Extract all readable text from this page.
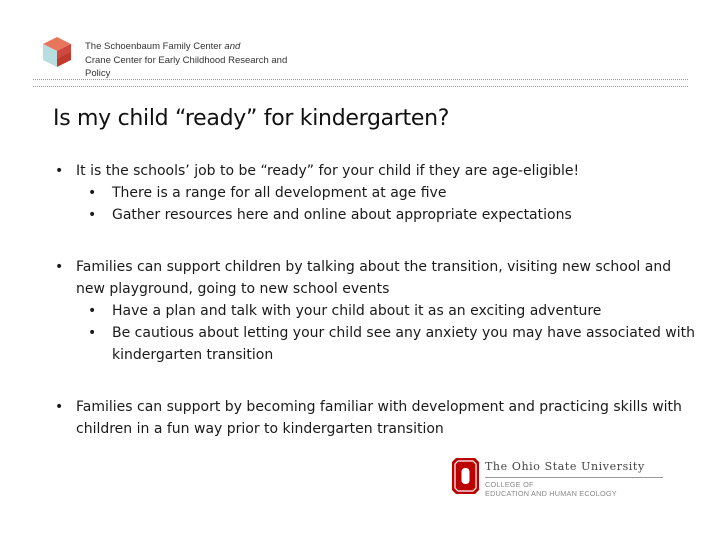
The Schoenbaum Family Center and
Crane Center for Early Childhood Research and
Policy
Is my child “ready” for kindergarten?
• It is the schools’ job to be “ready” for your child if they are age-eligible!
• There is a range for all development at age five
• Gather resources here and online about appropriate expectations
• Families can support children by talking about the transition, visiting new school and new playground, going to new school events
• Have a plan and talk with your child about it as an exciting adventure
• Be cautious about letting your child see any anxiety you may have associated with kindergarten transition
• Families can support by becoming familiar with development and practicing skills with children in a fun way prior to kindergarten transition
The Ohio State University
COLLEGE OF
EDUCATION AND HUMAN ECOLOGY
